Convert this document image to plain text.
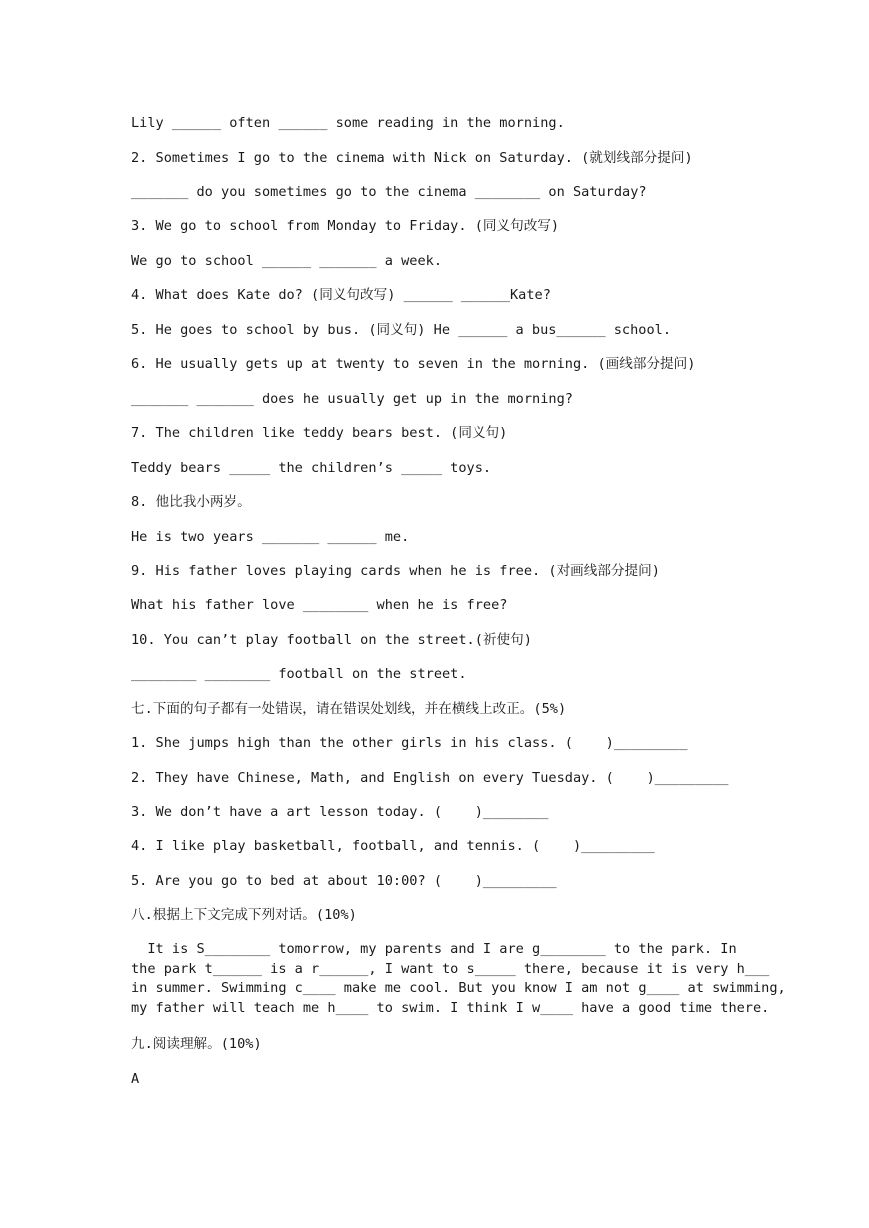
Lily ______ often ______ some reading in the morning.
2. Sometimes I go to the cinema with Nick on Saturday. (就划线部分提问)
_______ do you sometimes go to the cinema ________ on Saturday?
3. We go to school from Monday to Friday. (同义句改写)
We go to school ______ _______ a week.
4. What does Kate do? (同义句改写) ______ ______Kate?
5. He goes to school by bus. (同义句) He ______ a bus______ school.
6. He usually gets up at twenty to seven in the morning. (画线部分提问)
_______ _______ does he usually get up in the morning?
7. The children like teddy bears best. (同义句)
Teddy bears _____ the children’s _____ toys.
8. 他比我小两岁。
He is two years _______ ______ me.
9. His father loves playing cards when he is free. (对画线部分提问)
What his father love ________ when he is free?
10. You can’t play football on the street.(祈使句)
________ ________ football on the street.
七.下面的句子都有一处错误，请在错误处划线，并在横线上改正。(5%)
1. She jumps high than the other girls in his class. (    )_________
2. They have Chinese, Math, and English on every Tuesday. (    )_________
3. We don’t have a art lesson today. (    )________
4. I like play basketball, football, and tennis. (    )_________
5. Are you go to bed at about 10:00? (    )_________
八.根据上下文完成下列对话。(10%)
It is S________ tomorrow, my parents and I are g________ to the park. In
the park t______ is a r______, I want to s_____ there, because it is very h___
in summer. Swimming c____ make me cool. But you know I am not g____ at swimming,
my father will teach me h____ to swim. I think I w____ have a good time there.
九.阅读理解。(10%)
A
